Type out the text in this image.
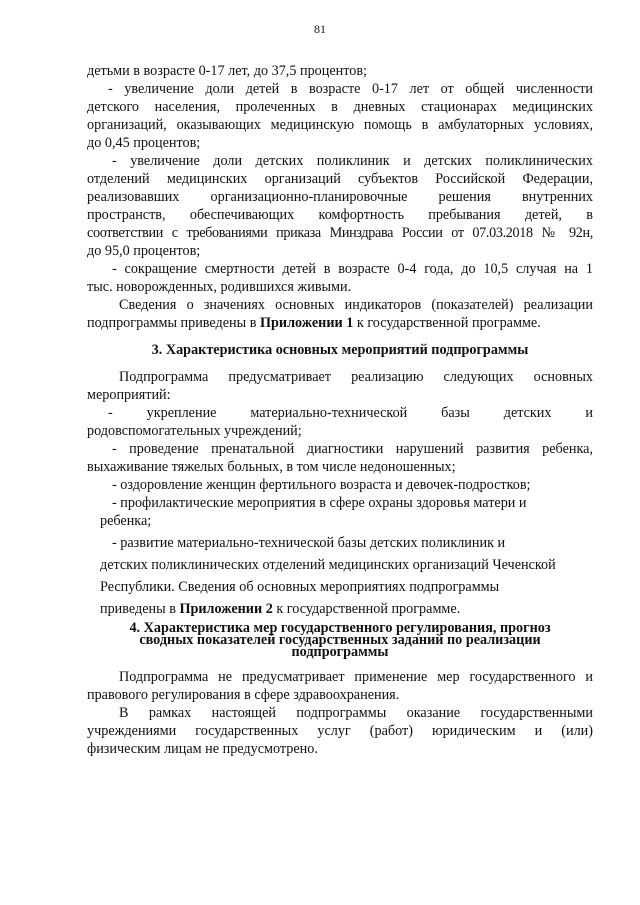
81
детьми в возрасте 0-17 лет, до 37,5 процентов;
- увеличение доли детей в возрасте 0-17 лет от общей численности
детского населения, пролеченных в дневных стационарах медицинских
организаций, оказывающих медицинскую помощь в амбулаторных условиях,
до 0,45 процентов;
- увеличение доли детских поликлиник и детских поликлинических
отделений медицинских организаций субъектов Российской Федерации,
реализовавших организационно-планировочные решения внутренних
пространств, обеспечивающих комфортность пребывания детей, в
соответствии с требованиями приказа Минздрава России от 07.03.2018 № 92н,
до 95,0 процентов;
- сокращение смертности детей в возрасте 0-4 года, до 10,5 случая на 1
тыс. новорожденных, родившихся живыми.
Сведения о значениях основных индикаторов (показателей) реализации
подпрограммы приведены в Приложении 1 к государственной программе.
3. Характеристика основных мероприятий подпрограммы
Подпрограмма предусматривает реализацию следующих основных
мероприятий:
- укрепление материально-технической базы детских и
родовспомогательных учреждений;
- проведение пренатальной диагностики нарушений развития ребенка,
выхаживание тяжелых больных, в том числе недоношенных;
- оздоровление женщин фертильного возраста и девочек-подростков;
- профилактические мероприятия в сфере охраны здоровья матери и
ребенка;
- развитие материально-технической базы детских поликлиник и
детских поликлинических отделений медицинских организаций Чеченской
Республики. Сведения об основных мероприятиях подпрограммы
приведены в Приложении 2 к государственной программе.
4. Характеристика мер государственного регулирования, прогноз
сводных показателей государственных заданий по реализации
подпрограммы
Подпрограмма не предусматривает применение мер государственного и
правового регулирования в сфере здравоохранения.
В рамках настоящей подпрограммы оказание государственными
учреждениями государственных услуг (работ) юридическим и (или)
физическим лицам не предусмотрено.
